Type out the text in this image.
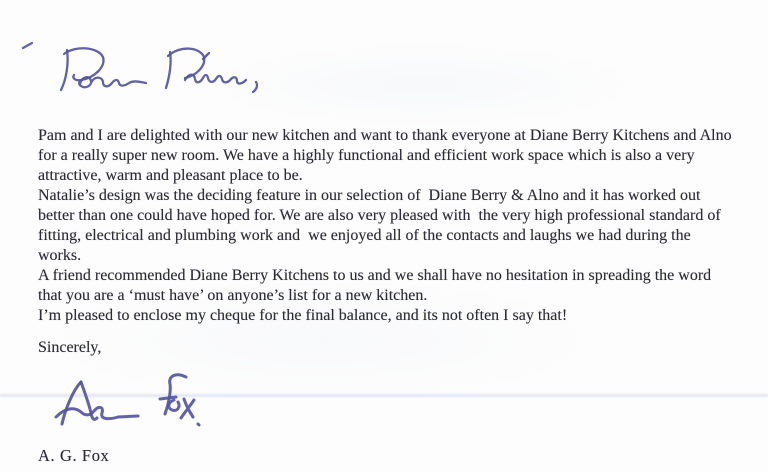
Pam and I are delighted with our new kitchen and want to thank everyone at Diane Berry Kitchens and Alno
for a really super new room. We have a highly functional and efficient work space which is also a very
attractive, warm and pleasant place to be.
Natalie’s design was the deciding feature in our selection of  Diane Berry & Alno and it has worked out
better than one could have hoped for. We are also very pleased with  the very high professional standard of
fitting, electrical and plumbing work and  we enjoyed all of the contacts and laughs we had during the
works.
A friend recommended Diane Berry Kitchens to us and we shall have no hesitation in spreading the word
that you are a ‘must have’ on anyone’s list for a new kitchen.
I’m pleased to enclose my cheque for the final balance, and its not often I say that!
Sincerely,
A. G. Fox
